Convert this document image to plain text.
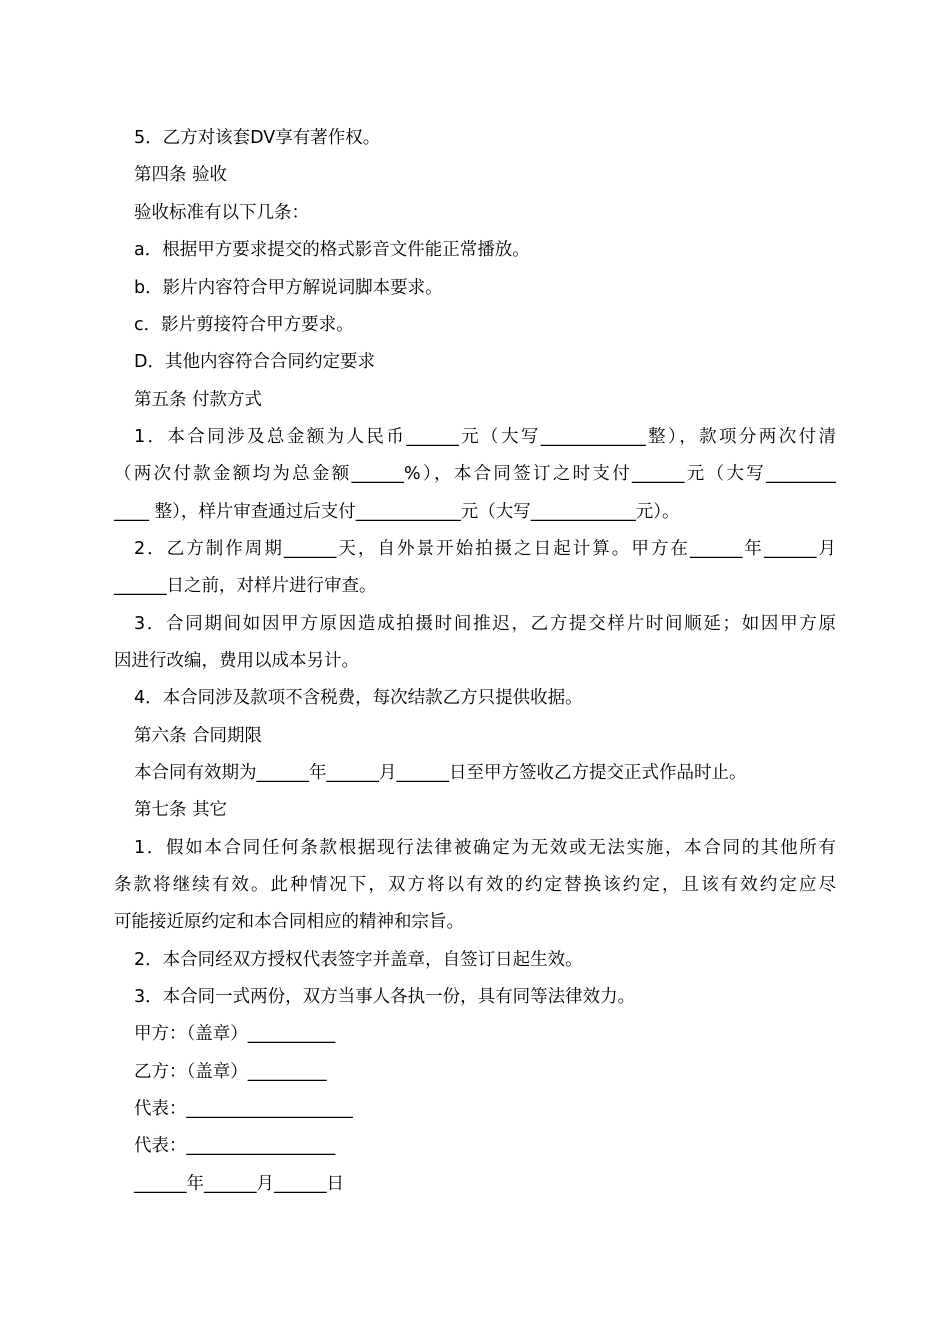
5．乙方对该套DV享有著作权。
第四条 验收
验收标准有以下几条：
a．根据甲方要求提交的格式影音文件能正常播放。
b．影片内容符合甲方解说词脚本要求。
c．影片剪接符合甲方要求。
D．其他内容符合合同约定要求
第五条 付款方式
1．本合同涉及总金额为人民币______元（大写____________整），款项分两次付清
（两次付款金额均为总金额______%），本合同签订之时支付______元（大写________
____ 整），样片审查通过后支付____________元（大写____________元）。
2．乙方制作周期______天，自外景开始拍摄之日起计算。甲方在______年______月
______日之前，对样片进行审查。
3．合同期间如因甲方原因造成拍摄时间推迟，乙方提交样片时间顺延；如因甲方原
因进行改编，费用以成本另计。
4．本合同涉及款项不含税费，每次结款乙方只提供收据。
第六条 合同期限
本合同有效期为______年______月______日至甲方签收乙方提交正式作品时止。
第七条 其它
1．假如本合同任何条款根据现行法律被确定为无效或无法实施，本合同的其他所有
条款将继续有效。此种情况下，双方将以有效的约定替换该约定，且该有效约定应尽
可能接近原约定和本合同相应的精神和宗旨。
2．本合同经双方授权代表签字并盖章，自签订日起生效。
3．本合同一式两份，双方当事人各执一份，具有同等法律效力。
甲方：（盖章）__________
乙方：（盖章）_________
代表：___________________
代表：_________________
______年______月______日
